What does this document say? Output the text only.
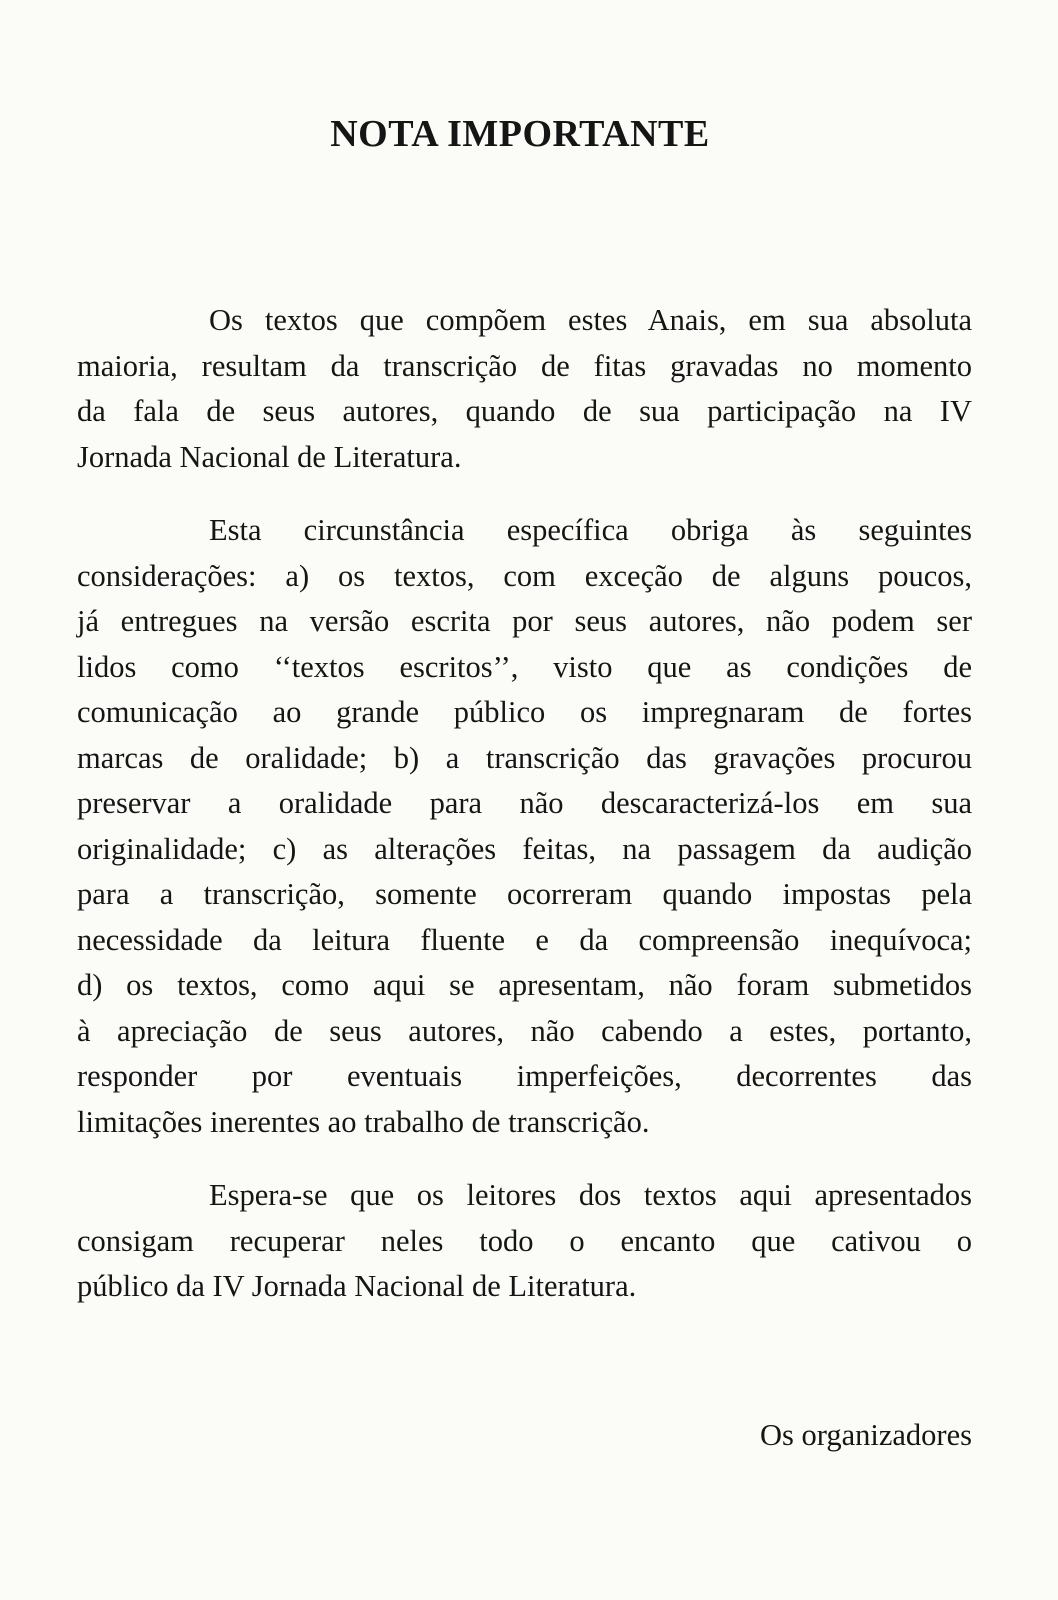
NOTA IMPORTANTE

Os textos que compõem estes Anais, em sua absoluta
maioria, resultam da transcrição de fitas gravadas no momento
da fala de seus autores, quando de sua participação na IV
Jornada Nacional de Literatura.

Esta circunstância específica obriga às seguintes
considerações: a) os textos, com exceção de alguns poucos,
já entregues na versão escrita por seus autores, não podem ser
lidos como ‘‘textos escritos’’, visto que as condições de
comunicação ao grande público os impregnaram de fortes
marcas de oralidade; b) a transcrição das gravações procurou
preservar a oralidade para não descaracterizá-los em sua
originalidade; c) as alterações feitas, na passagem da audição
para a transcrição, somente ocorreram quando impostas pela
necessidade da leitura fluente e da compreensão inequívoca;
d) os textos, como aqui se apresentam, não foram submetidos
à apreciação de seus autores, não cabendo a estes, portanto,
responder por eventuais imperfeições, decorrentes das
limitações inerentes ao trabalho de transcrição.

Espera-se que os leitores dos textos aqui apresentados
consigam recuperar neles todo o encanto que cativou o
público da IV Jornada Nacional de Literatura.

Os organizadores
